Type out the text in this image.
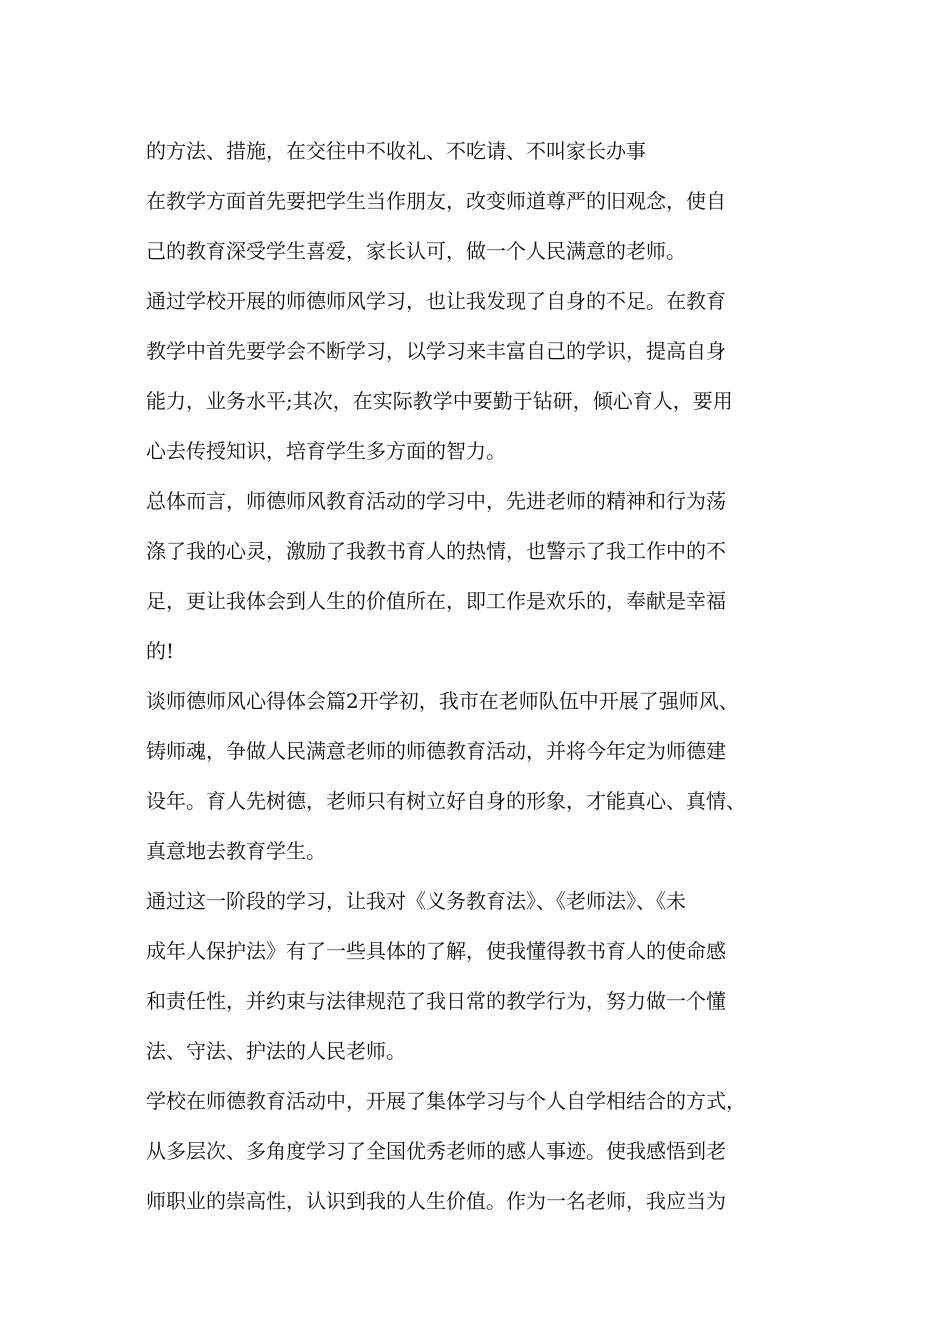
的方法、措施，在交往中不收礼、不吃请、不叫家长办事
在教学方面首先要把学生当作朋友，改变师道尊严的旧观念，使自
己的教育深受学生喜爱，家长认可，做一个人民满意的老师。
通过学校开展的师德师风学习，也让我发现了自身的不足。在教育
教学中首先要学会不断学习，以学习来丰富自己的学识，提高自身
能力，业务水平;其次，在实际教学中要勤于钻研，倾心育人，要用
心去传授知识，培育学生多方面的智力。
总体而言，师德师风教育活动的学习中，先进老师的精神和行为荡
涤了我的心灵，激励了我教书育人的热情，也警示了我工作中的不
足，更让我体会到人生的价值所在，即工作是欢乐的，奉献是幸福
的!
谈师德师风心得体会篇2开学初，我市在老师队伍中开展了强师风、
铸师魂，争做人民满意老师的师德教育活动，并将今年定为师德建
设年。育人先树德，老师只有树立好自身的形象，才能真心、真情、
真意地去教育学生。
通过这一阶段的学习，让我对《义务教育法》、《老师法》、《未
成年人保护法》有了一些具体的了解，使我懂得教书育人的使命感
和责任性，并约束与法律规范了我日常的教学行为，努力做一个懂
法、守法、护法的人民老师。
学校在师德教育活动中，开展了集体学习与个人自学相结合的方式，
从多层次、多角度学习了全国优秀老师的感人事迹。使我感悟到老
师职业的崇高性，认识到我的人生价值。作为一名老师，我应当为
